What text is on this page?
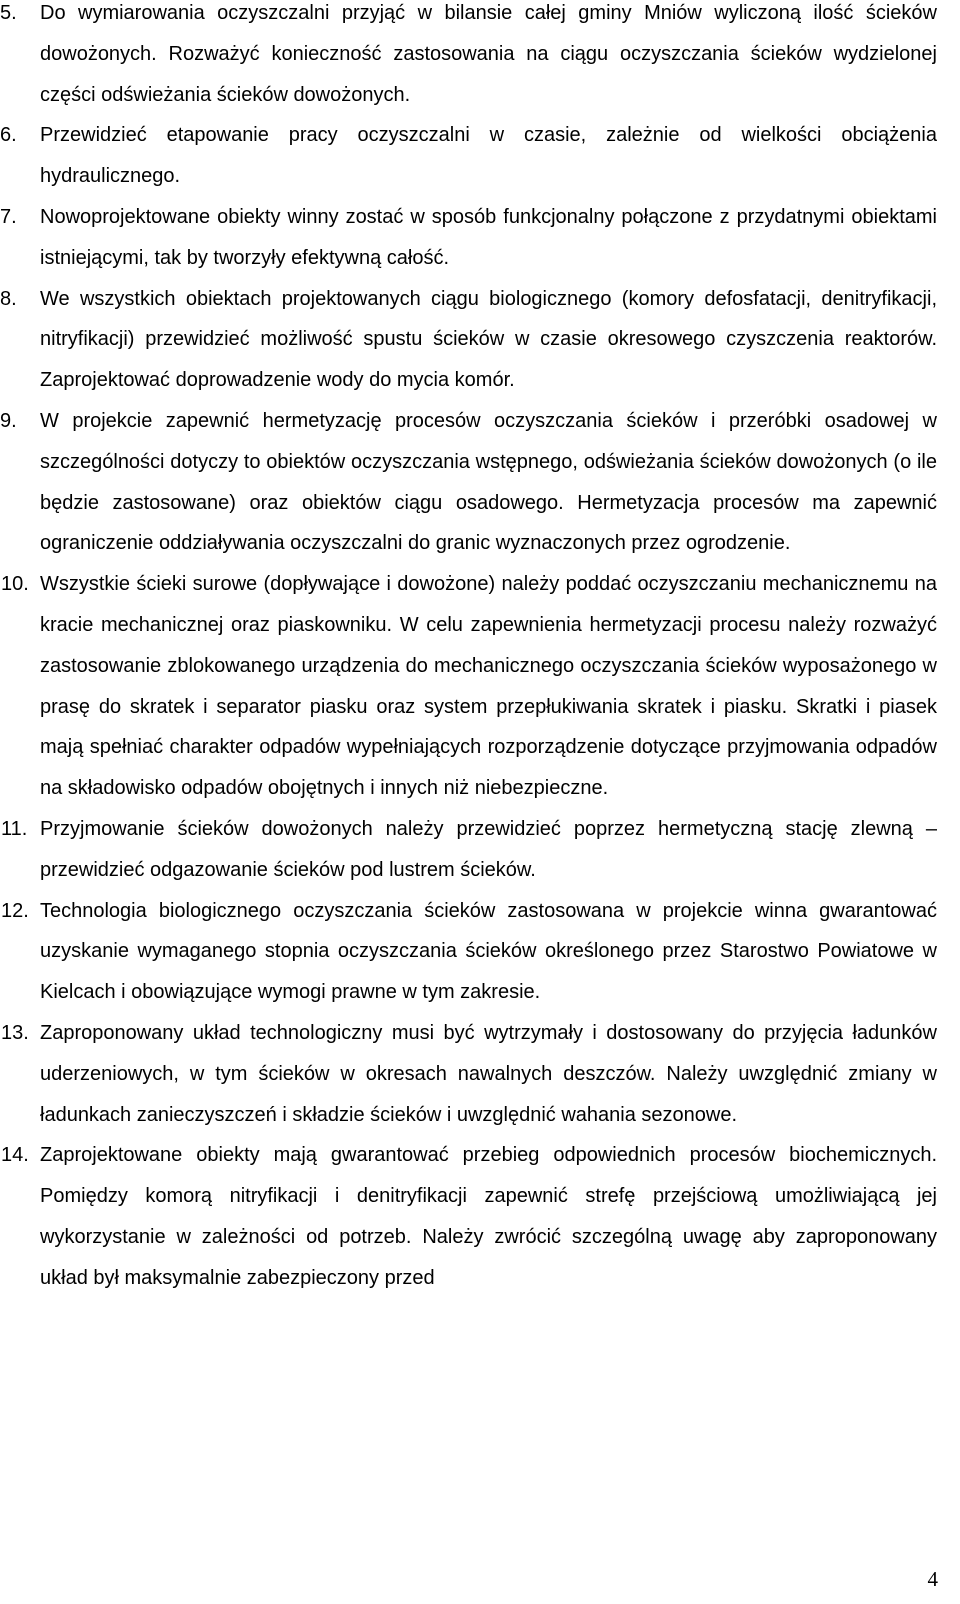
5. Do wymiarowania oczyszczalni przyjąć w bilansie całej gminy Mniów wyliczoną ilość ścieków dowożonych. Rozważyć konieczność zastosowania na ciągu oczyszczania ścieków wydzielonej części odświeżania ścieków dowożonych.
6. Przewidzieć etapowanie pracy oczyszczalni w czasie, zależnie od wielkości obciążenia hydraulicznego.
7. Nowoprojektowane obiekty winny zostać w sposób funkcjonalny połączone z przydatnymi obiektami istniejącymi, tak by tworzyły efektywną całość.
8. We wszystkich obiektach projektowanych ciągu biologicznego (komory defosfatacji, denitryfikacji, nitryfikacji) przewidzieć możliwość spustu ścieków w czasie okresowego czyszczenia reaktorów. Zaprojektować doprowadzenie wody do mycia komór.
9. W projekcie zapewnić hermetyzację procesów oczyszczania ścieków i przeróbki osadowej w szczególności dotyczy to obiektów oczyszczania wstępnego, odświeżania ścieków dowożonych (o ile będzie zastosowane) oraz obiektów ciągu osadowego. Hermetyzacja procesów ma zapewnić ograniczenie oddziaływania oczyszczalni do granic wyznaczonych przez ogrodzenie.
10. Wszystkie ścieki surowe (dopływające i dowożone) należy poddać oczyszczaniu mechanicznemu na kracie mechanicznej oraz piaskowniku. W celu zapewnienia hermetyzacji procesu należy rozważyć zastosowanie zblokowanego urządzenia do mechanicznego oczyszczania ścieków wyposażonego w prasę do skratek i separator piasku oraz system przepłukiwania skratek i piasku. Skratki i piasek mają spełniać charakter odpadów wypełniających rozporządzenie dotyczące przyjmowania odpadów na składowisko odpadów obojętnych i innych niż niebezpieczne.
11. Przyjmowanie ścieków dowożonych należy przewidzieć poprzez hermetyczną stację zlewną – przewidzieć odgazowanie ścieków pod lustrem ścieków.
12. Technologia biologicznego oczyszczania ścieków zastosowana w projekcie winna gwarantować uzyskanie wymaganego stopnia oczyszczania ścieków określonego przez Starostwo Powiatowe w Kielcach i obowiązujące wymogi prawne w tym zakresie.
13. Zaproponowany układ technologiczny musi być wytrzymały i dostosowany do przyjęcia ładunków uderzeniowych, w tym ścieków w okresach nawalnych deszczów. Należy uwzględnić zmiany w ładunkach zanieczyszczeń i składzie ścieków i uwzględnić wahania sezonowe.
14. Zaprojektowane obiekty mają gwarantować przebieg odpowiednich procesów biochemicznych. Pomiędzy komorą nitryfikacji i denitryfikacji zapewnić strefę przejściową umożliwiającą jej wykorzystanie w zależności od potrzeb. Należy zwrócić szczególną uwagę aby zaproponowany układ był maksymalnie zabezpieczony przed
4
